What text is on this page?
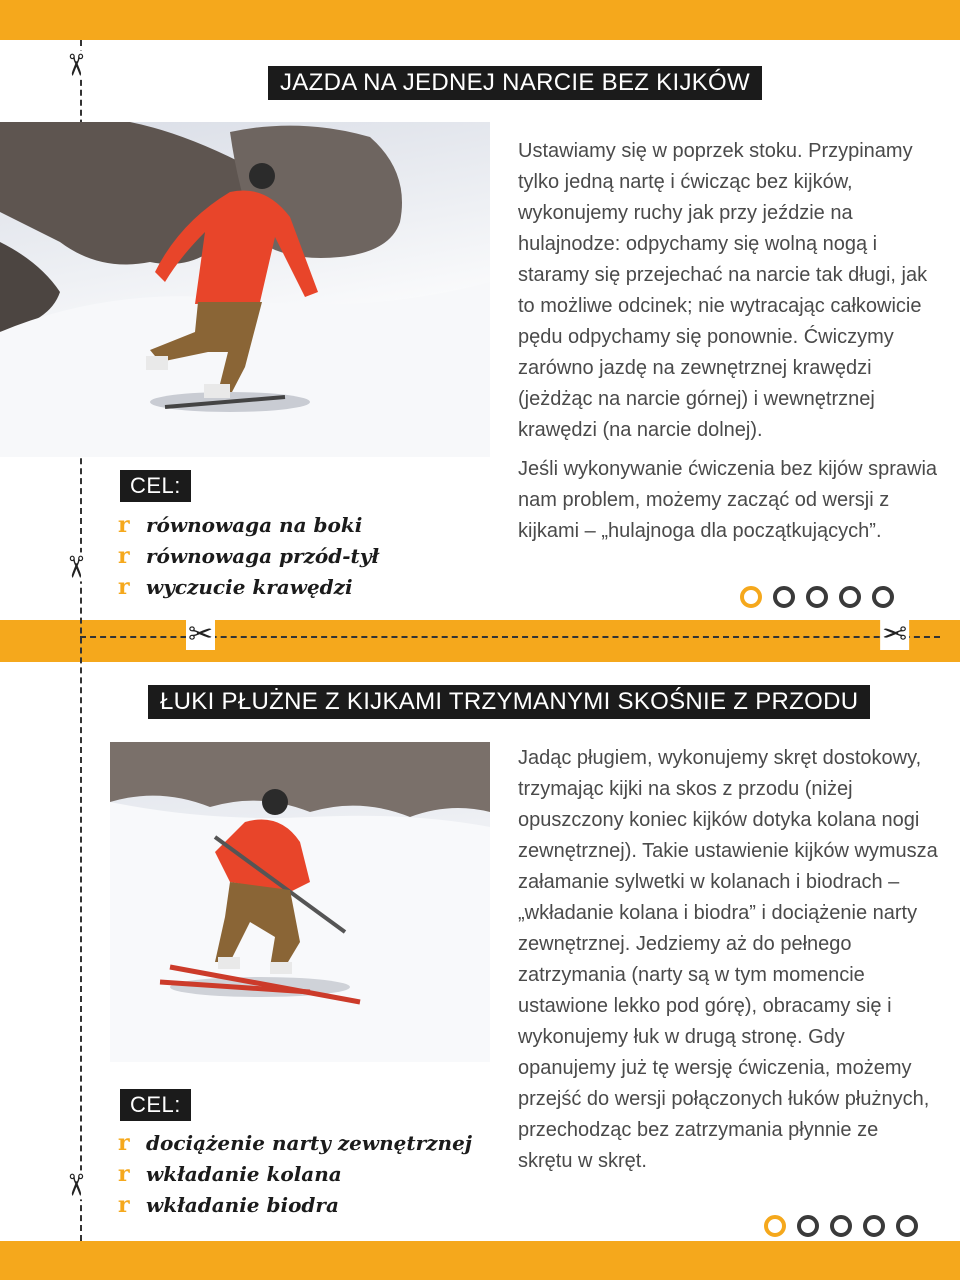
✂
✂
✂	✂
✂
JAZDA NA JEDNEJ NARCIE BEZ KIJKÓW
CEL:
r równowaga na boki
r równowaga przód-tył
r wyczucie krawędzi

Ustawiamy się w poprzek stoku. Przypinamy tylko jedną nartę i ćwicząc bez kijków, wykonujemy ruchy jak przy jeździe na hulajnodze: odpychamy się wolną nogą i staramy się przejechać na narcie tak długi, jak to możliwe odcinek; nie wytracając całkowicie pędu odpychamy się ponownie. Ćwiczymy zarówno jazdę na zewnętrznej krawędzi (jeżdżąc na narcie górnej) i wewnętrznej krawędzi (na narcie dolnej).

Jeśli wykonywanie ćwiczenia bez kijów sprawia nam problem, możemy zacząć od wersji z kijkami – „hulajnoga dla początkujących”.

ŁUKI PŁUŻNE Z KIJKAMI TRZYMANYMI SKOŚNIE Z PRZODU
CEL:
r dociążenie narty zewnętrznej
r wkładanie kolana
r wkładanie biodra

Jadąc pługiem, wykonujemy skręt dostokowy, trzymając kijki na skos z przodu (niżej opuszczony koniec kijków dotyka kolana nogi zewnętrznej). Takie ustawienie kijków wymusza załamanie sylwetki w kolanach i biodrach – „wkładanie kolana i biodra” i dociążenie narty zewnętrznej. Jedziemy aż do pełnego zatrzymania (narty są w tym momencie ustawione lekko pod górę), obracamy się i wykonujemy łuk w drugą stronę. Gdy opanujemy już tę wersję ćwiczenia, możemy przejść do wersji połączonych łuków płużnych, przechodząc bez zatrzymania płynnie ze skrętu w skręt.
